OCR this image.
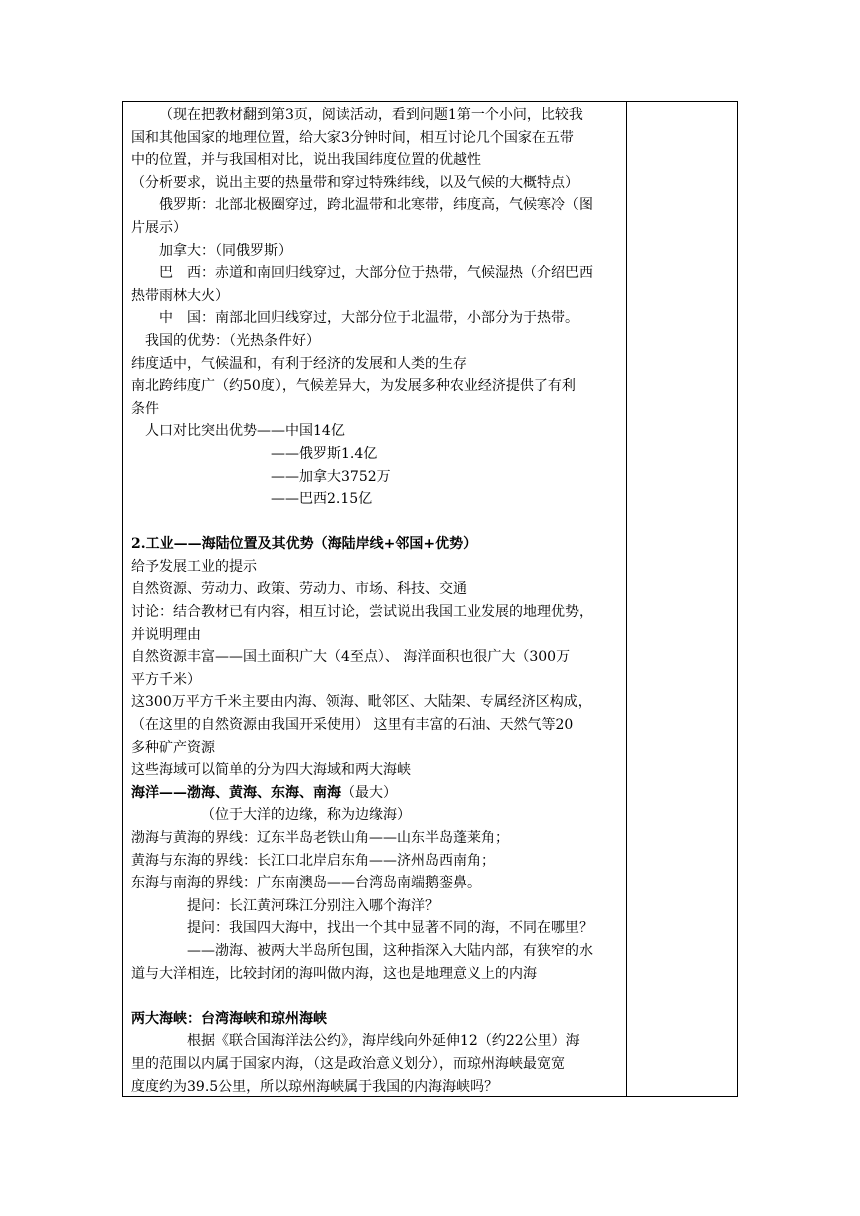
（现在把教材翻到第3页，阅读活动，看到问题1第一个小问，比较我
国和其他国家的地理位置，给大家3分钟时间，相互讨论几个国家在五带
中的位置，并与我国相对比，说出我国纬度位置的优越性
（分析要求，说出主要的热量带和穿过特殊纬线，以及气候的大概特点）
俄罗斯：北部北极圈穿过，跨北温带和北寒带，纬度高，气候寒冷（图
片展示）
加拿大：（同俄罗斯）
巴　西：赤道和南回归线穿过，大部分位于热带，气候湿热（介绍巴西
热带雨林大火）
中　国：南部北回归线穿过，大部分位于北温带，小部分为于热带。
我国的优势：（光热条件好）
纬度适中，气候温和，有利于经济的发展和人类的生存
南北跨纬度广（约50度），气候差异大，为发展多种农业经济提供了有利
条件
人口对比突出优势——中国14亿
——俄罗斯1.4亿
——加拿大3752万
——巴西2.15亿
2.工业——海陆位置及其优势（海陆岸线+邻国+优势）
给予发展工业的提示
自然资源、劳动力、政策、劳动力、市场、科技、交通
讨论：结合教材已有内容，相互讨论，尝试说出我国工业发展的地理优势，
并说明理由
自然资源丰富——国土面积广大（4至点）、 海洋面积也很广大（300万
平方千米）
这300万平方千米主要由内海、领海、毗邻区、大陆架、专属经济区构成，
（在这里的自然资源由我国开采使用） 这里有丰富的石油、天然气等20
多种矿产资源
这些海域可以简单的分为四大海域和两大海峡
海洋——渤海、黄海、东海、南海（最大）
（位于大洋的边缘，称为边缘海）
渤海与黄海的界线：辽东半岛老铁山角——山东半岛蓬莱角；
黄海与东海的界线：长江口北岸启东角——济州岛西南角；
东海与南海的界线：广东南澳岛——台湾岛南端鹅銮鼻。
提问：长江黄河珠江分别注入哪个海洋？
提问：我国四大海中，找出一个其中显著不同的海，不同在哪里？
——渤海、被两大半岛所包围，这种指深入大陆内部，有狭窄的水
道与大洋相连，比较封闭的海叫做内海，这也是地理意义上的内海
两大海峡：台湾海峡和琼州海峡
根据《联合国海洋法公约》，海岸线向外延伸12（约22公里）海
里的范围以内属于国家内海，（这是政治意义划分），而琼州海峡最宽宽
度度约为39.5公里，所以琼州海峡属于我国的内海海峡吗？
